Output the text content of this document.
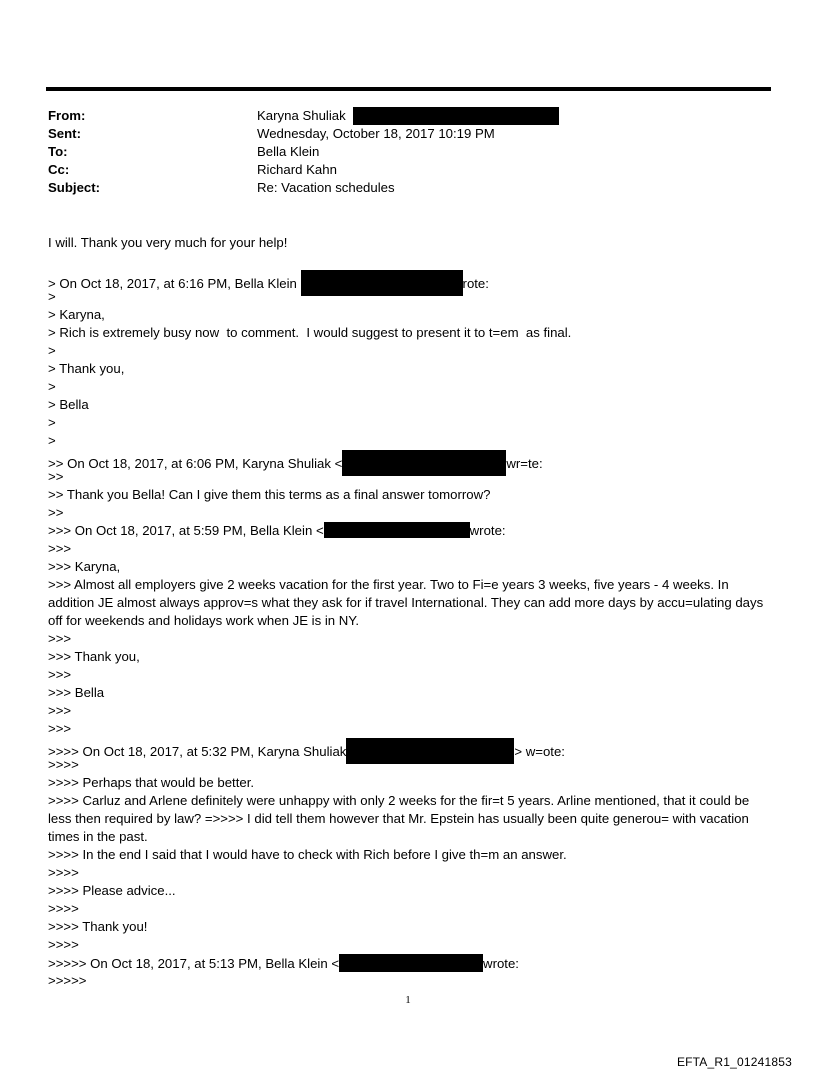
From:	Karyna Shuliak
Sent:	Wednesday, October 18, 2017 10:19 PM
To:	Bella Klein
Cc:	Richard Kahn
Subject:	Re: Vacation schedules
I will. Thank you very much for your help!
> On Oct 18, 2017, at 6:16 PM, Bella Klein	rote:
>
> Karyna,
> Rich is extremely busy now  to comment.  I would suggest to present it to t=em  as final.
>
> Thank you,
>
> Bella
>
>
>> On Oct 18, 2017, at 6:06 PM, Karyna Shuliak <	wr=te:
>>
>> Thank you Bella! Can I give them this terms as a final answer tomorrow?
>>
>>> On Oct 18, 2017, at 5:59 PM, Bella Klein <	wrote:
>>>
>>> Karyna,
>>> Almost all employers give 2 weeks vacation for the first year. Two to Fi=e years 3 weeks, five years - 4 weeks. In addition JE almost always approv=s what they ask for if travel International. They can add more days by accu=ulating days off for weekends and holidays work when JE is in NY.
>>>
>>> Thank you,
>>>
>>> Bella
>>>
>>>
>>>> On Oct 18, 2017, at 5:32 PM, Karyna Shuliak	> w=ote:
>>>>
>>>> Perhaps that would be better.
>>>> Carluz and Arlene definitely were unhappy with only 2 weeks for the fir=t 5 years. Arline mentioned, that it could be less then required by law? =>>>> I did tell them however that Mr. Epstein has usually been quite generou= with vacation times in the past.
>>>> In the end I said that I would have to check with Rich before I give th=m an answer.
>>>>
>>>> Please advice...
>>>>
>>>> Thank you!
>>>>
>>>>> On Oct 18, 2017, at 5:13 PM, Bella Klein <	wrote:
>>>>>
1
EFTA_R1_01241853
